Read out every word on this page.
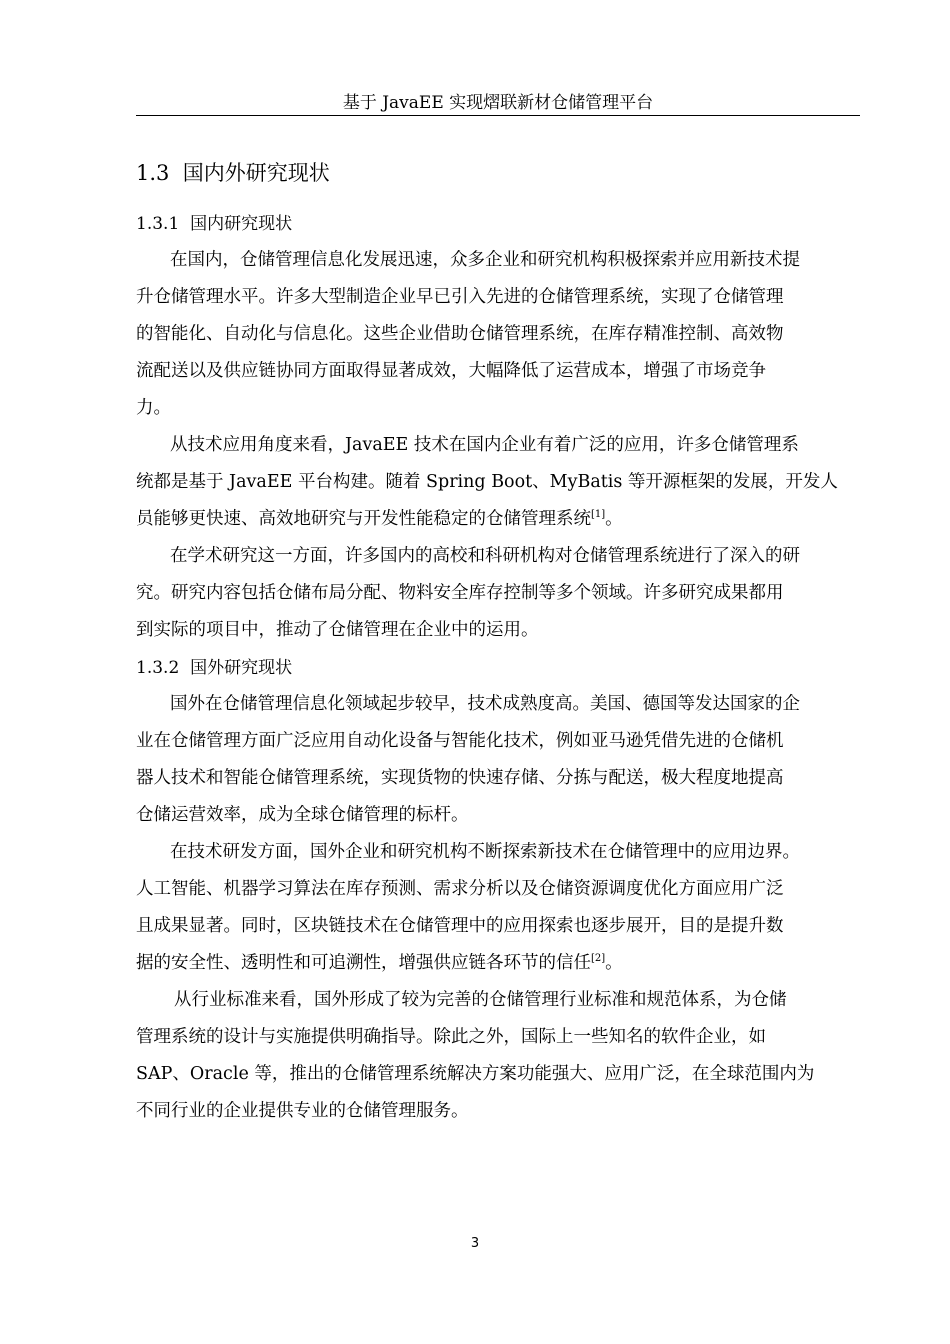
基于 JavaEE 实现熠联新材仓储管理平台
1.3 国内外研究现状
1.3.1 国内研究现状
在国内，仓储管理信息化发展迅速，众多企业和研究机构积极探索并应用新技术提
升仓储管理水平。许多大型制造企业早已引入先进的仓储管理系统，实现了仓储管理
的智能化、自动化与信息化。这些企业借助仓储管理系统，在库存精准控制、高效物
流配送以及供应链协同方面取得显著成效，大幅降低了运营成本，增强了市场竞争
力。
从技术应用角度来看，JavaEE 技术在国内企业有着广泛的应用，许多仓储管理系
统都是基于 JavaEE 平台构建。随着 Spring Boot、MyBatis 等开源框架的发展，开发人
员能够更快速、高效地研究与开发性能稳定的仓储管理系统[1]。
在学术研究这一方面，许多国内的高校和科研机构对仓储管理系统进行了深入的研
究。研究内容包括仓储布局分配、物料安全库存控制等多个领域。许多研究成果都用
到实际的项目中，推动了仓储管理在企业中的运用。
1.3.2 国外研究现状
国外在仓储管理信息化领域起步较早，技术成熟度高。美国、德国等发达国家的企
业在仓储管理方面广泛应用自动化设备与智能化技术，例如亚马逊凭借先进的仓储机
器人技术和智能仓储管理系统，实现货物的快速存储、分拣与配送，极大程度地提高
仓储运营效率，成为全球仓储管理的标杆。
在技术研发方面，国外企业和研究机构不断探索新技术在仓储管理中的应用边界。
人工智能、机器学习算法在库存预测、需求分析以及仓储资源调度优化方面应用广泛
且成果显著。同时，区块链技术在仓储管理中的应用探索也逐步展开，目的是提升数
据的安全性、透明性和可追溯性，增强供应链各环节的信任[2]。
从行业标准来看，国外形成了较为完善的仓储管理行业标准和规范体系，为仓储
管理系统的设计与实施提供明确指导。除此之外，国际上一些知名的软件企业，如
SAP、Oracle 等，推出的仓储管理系统解决方案功能强大、应用广泛，在全球范围内为
不同行业的企业提供专业的仓储管理服务。
3
